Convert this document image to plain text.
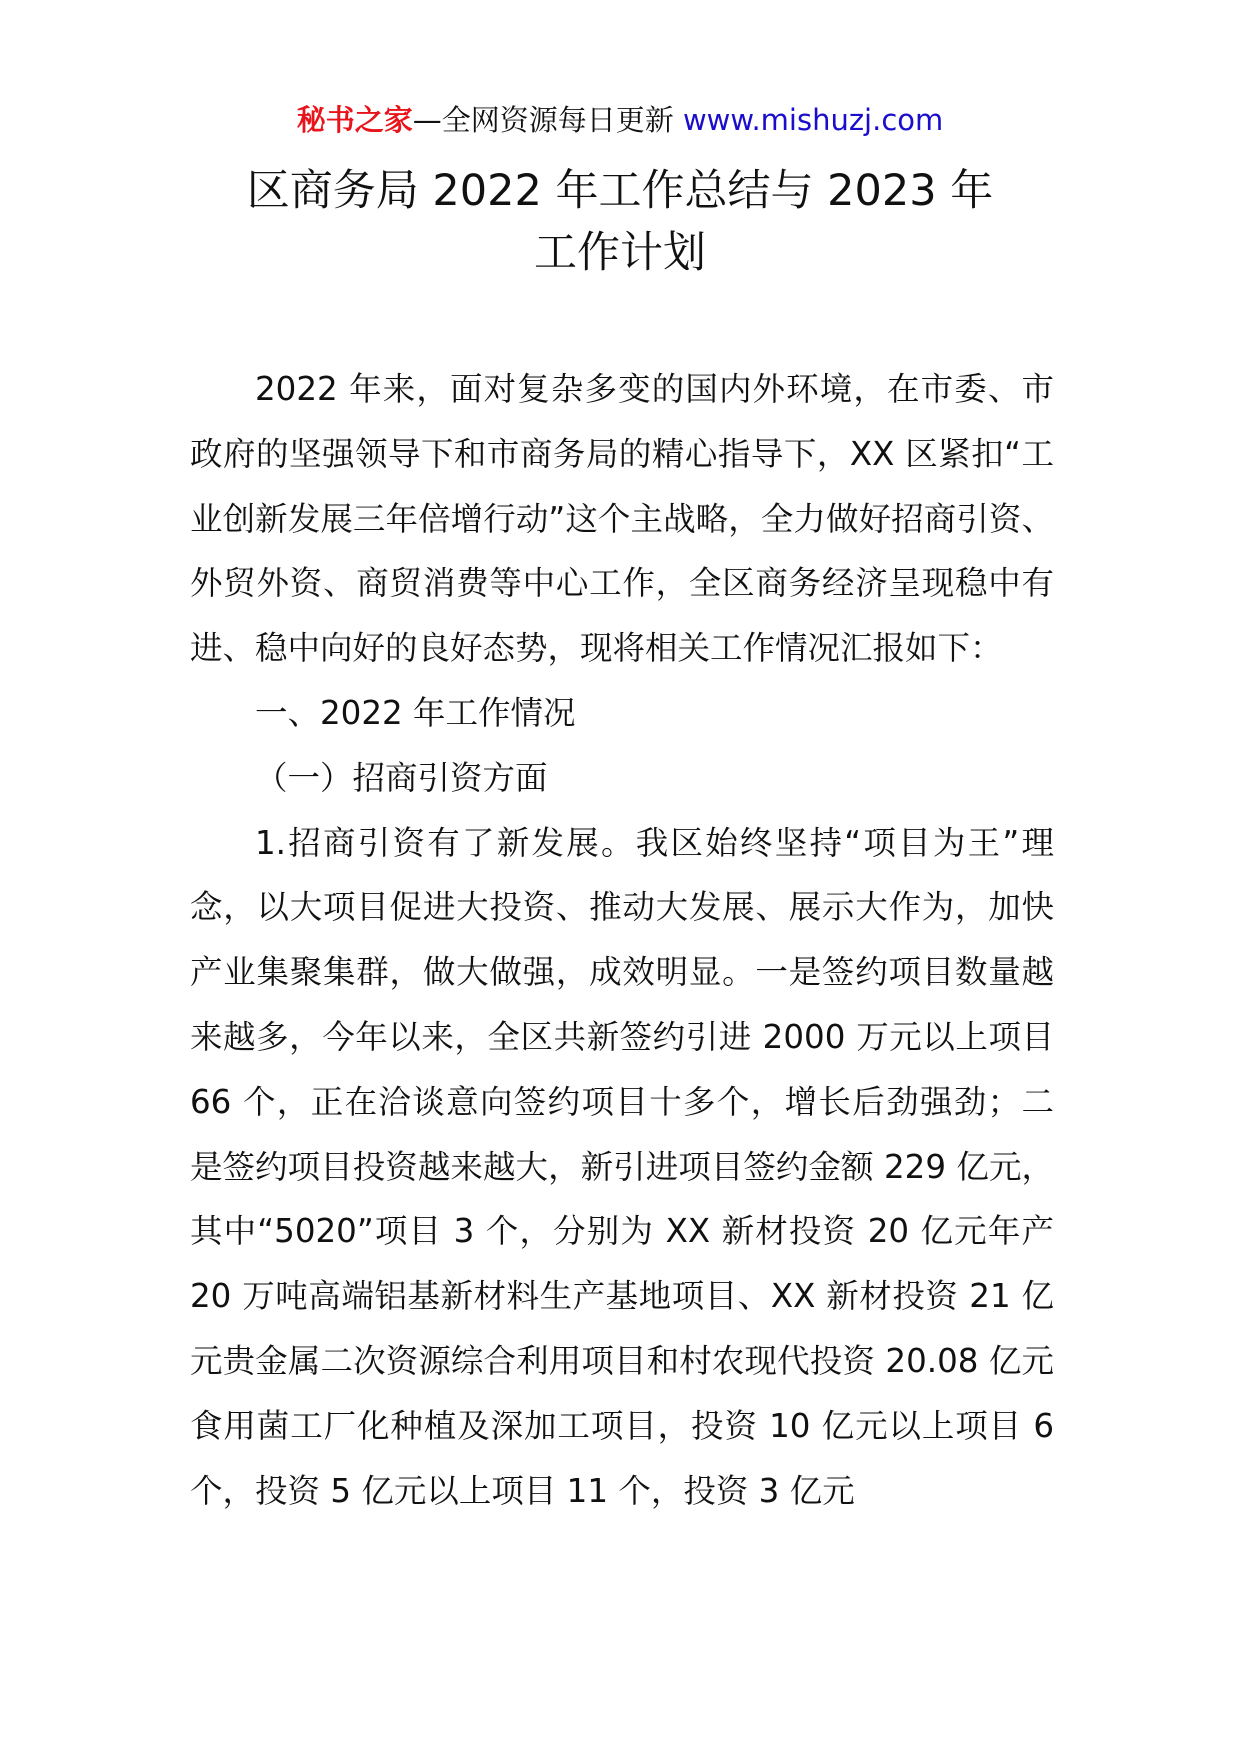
秘书之家—全网资源每日更新 www.mishuzj.com
区商务局 2022 年工作总结与 2023 年
工作计划

2022 年来，面对复杂多变的国内外环境，在市委、市政府的坚强领导下和市商务局的精心指导下，XX 区紧扣“工业创新发展三年倍增行动”这个主战略，全力做好招商引资、外贸外资、商贸消费等中心工作，全区商务经济呈现稳中有进、稳中向好的良好态势，现将相关工作情况汇报如下：

一、2022 年工作情况

（一）招商引资方面

1.招商引资有了新发展。我区始终坚持“项目为王”理念，以大项目促进大投资、推动大发展、展示大作为，加快产业集聚集群，做大做强，成效明显。一是签约项目数量越来越多，今年以来，全区共新签约引进 2000 万元以上项目 66 个，正在洽谈意向签约项目十多个，增长后劲强劲；二是签约项目投资越来越大，新引进项目签约金额 229 亿元，其中“5020”项目 3 个，分别为 XX 新材投资 20 亿元年产 20 万吨高端铝基新材料生产基地项目、XX 新材投资 21 亿元贵金属二次资源综合利用项目和村农现代投资 20.08 亿元食用菌工厂化种植及深加工项目，投资 10 亿元以上项目 6 个，投资 5 亿元以上项目 11 个，投资 3 亿元
